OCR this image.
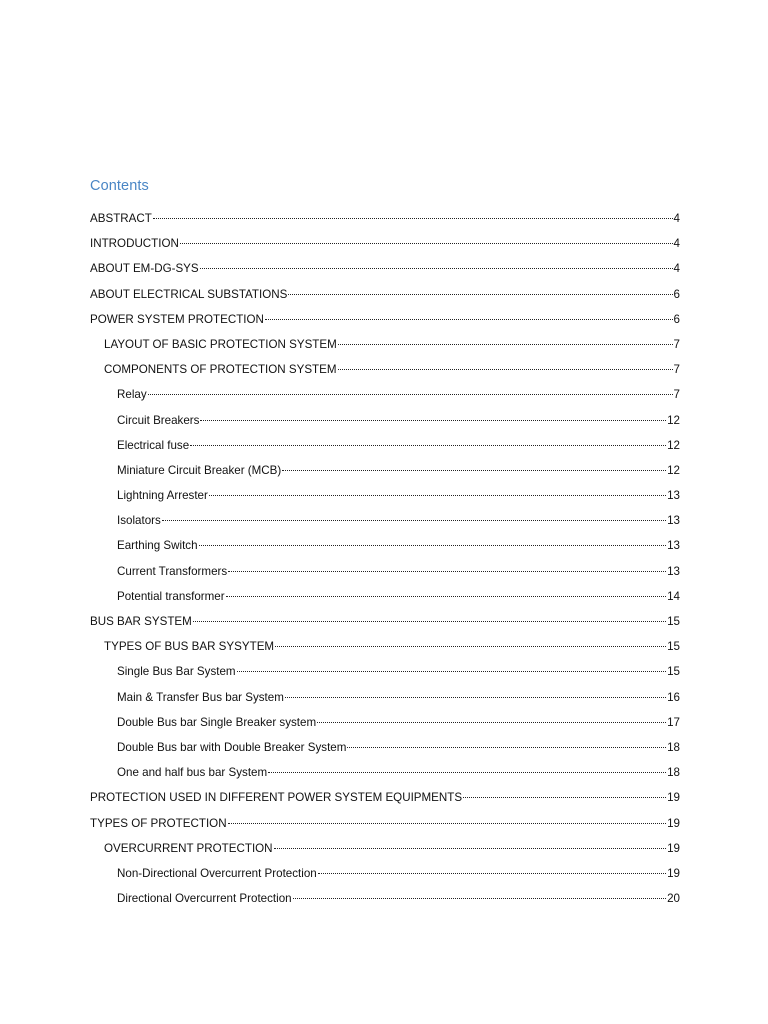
Contents
ABSTRACT	4
INTRODUCTION	4
ABOUT EM-DG-SYS	4
ABOUT ELECTRICAL SUBSTATIONS	6
POWER SYSTEM PROTECTION	6
LAYOUT OF BASIC PROTECTION SYSTEM	7
COMPONENTS OF PROTECTION SYSTEM	7
Relay	7
Circuit Breakers	12
Electrical fuse	12
Miniature Circuit Breaker (MCB)	12
Lightning Arrester	13
Isolators	13
Earthing Switch	13
Current Transformers	13
Potential transformer	14
BUS BAR SYSTEM	15
TYPES OF BUS BAR SYSYTEM	15
Single Bus Bar System	15
Main & Transfer Bus bar System	16
Double Bus bar Single Breaker system	17
Double Bus bar with Double Breaker System	18
One and half bus bar System	18
PROTECTION USED IN DIFFERENT POWER SYSTEM EQUIPMENTS	19
TYPES OF PROTECTION	19
OVERCURRENT PROTECTION	19
Non-Directional Overcurrent Protection	19
Directional Overcurrent Protection	20
